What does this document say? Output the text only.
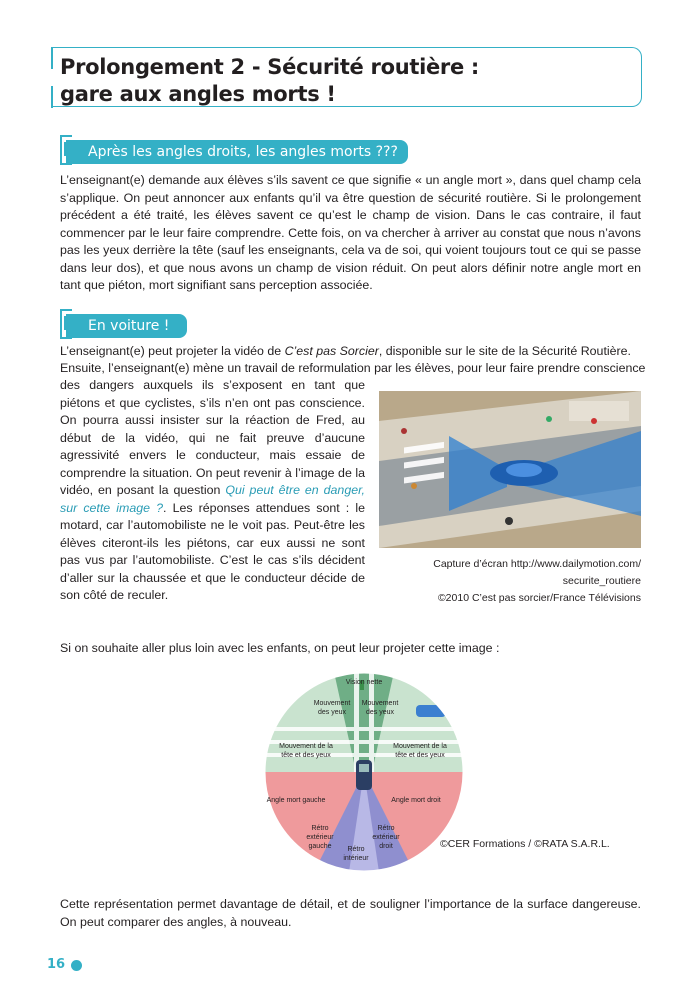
Prolongement 2 - Sécurité routière :
gare aux angles morts !
Après les angles droits, les angles morts ???
L’enseignant(e) demande aux élèves s’ils savent ce que signifie « un angle mort », dans quel champ cela s’applique. On peut annoncer aux enfants qu’il va être question de sécurité routière. Si le prolongement précédent a été traité, les élèves savent ce qu’est le champ de vision. Dans le cas contraire, il faut commencer par le leur faire comprendre. Cette fois, on va chercher à arriver au constat que nous n’avons pas les yeux derrière la tête (sauf les enseignants, cela va de soi, qui voient toujours tout ce qui se passe dans leur dos), et que nous avons un champ de vision réduit. On peut alors définir notre angle mort en tant que piéton, mort signifiant sans perception associée.
En voiture !
L’enseignant(e) peut projeter la vidéo de C’est pas Sorcier, disponible sur le site de la Sécurité Routière.
Ensuite, l’enseignant(e) mène un travail de reformulation par les élèves, pour leur faire prendre conscience
des dangers auxquels ils s’exposent en tant que piétons et que cyclistes, s’ils n’en ont pas conscience. On pourra aussi insister sur la réaction de Fred, au début de la vidéo, qui ne fait preuve d’aucune agressivité envers le conducteur, mais essaie de comprendre la situation. On peut revenir à l’image de la vidéo, en posant la question Qui peut être en danger, sur cette image ?. Les réponses attendues sont : le motard, car l’automobiliste ne le voit pas. Peut-être les élèves citeront-ils les piétons, car eux aussi ne sont pas vus par l’automobiliste. C’est le cas s’ils décident d’aller sur la chaussée et que le conducteur décide de son côté de reculer.
Capture d’écran http://www.dailymotion.com/
securite_routiere
©2010 C’est pas sorcier/France Télévisions
Si on souhaite aller plus loin avec les enfants, on peut leur projeter cette image :
Vision nette
Mouvement
des yeux
Mouvement
des yeux
Mouvement de la
tête et des yeux
Mouvement de la
tête et des yeux
Angle mort gauche	Angle mort droit
Rétro
extérieur
gauche Rétro
intérieur
Rétro
extérieur
droit	©CER Formations / ©RATA S.A.R.L.
Cette représentation permet davantage de détail, et de souligner l’importance de la surface dangereuse. On peut comparer des angles, à nouveau.
16
